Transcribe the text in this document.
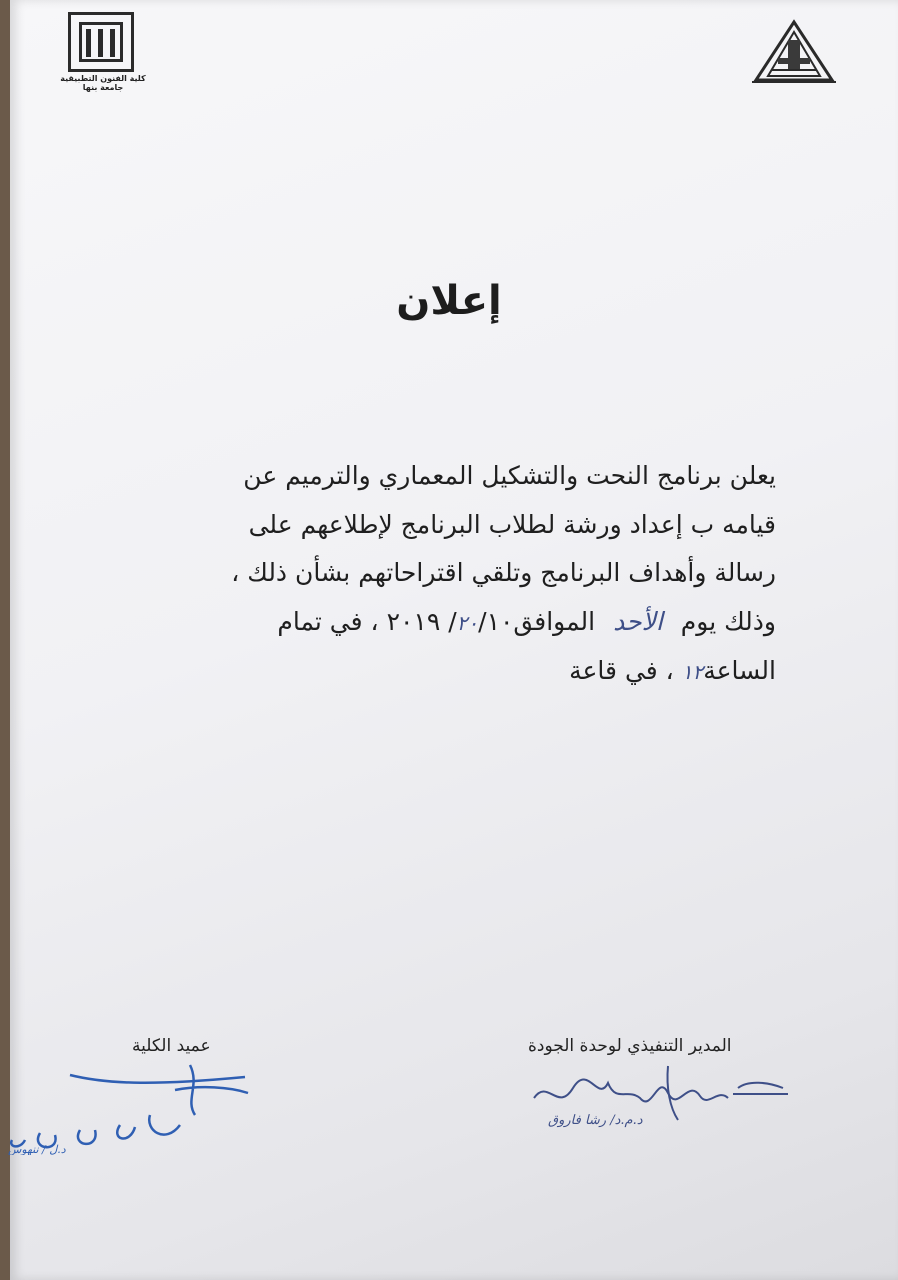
كلية الفنون التطبيقية
جامعة بنها
إعلان
يعلن برنامج النحت والتشكيل المعماري والترميم عن
قيامه ب إعداد ورشة لطلاب البرنامج لإطلاعهم على
رسالة وأهداف البرنامج وتلقي اقتراحاتهم بشأن ذلك ،
وذلك يوم الأحد الموافق٢٠/١٠/ ٢٠١٩ ، في تمام
الساعة١٢ ، في قاعة
المدير التنفيذي لوحدة الجودة
د.م.د/ رشا فاروق
عميد الكلية
د.ل / ننهوس
